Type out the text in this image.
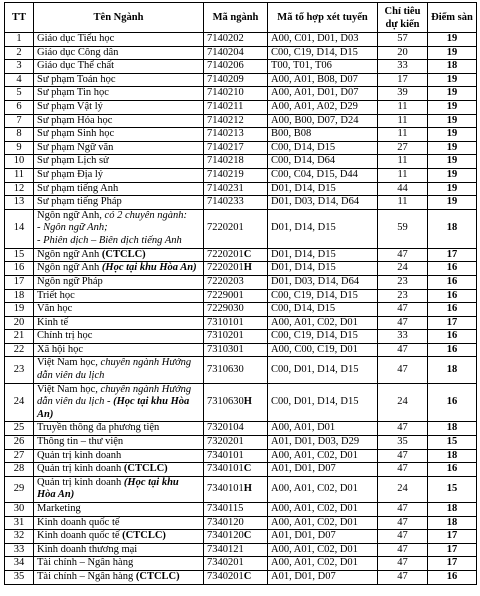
TT	Tên Ngành	Mã ngành	Mã tổ hợp xét tuyển	Chỉ tiêu dự kiến	Điểm sàn
1	Giáo dục Tiểu học	7140202	A00, C01, D01, D03	57	19
2	Giáo dục Công dân	7140204	C00, C19, D14, D15	20	19
3	Giáo dục Thể chất	7140206	T00, T01, T06	33	18
4	Sư phạm Toán học	7140209	A00, A01, B08, D07	17	19
5	Sư phạm Tin học	7140210	A00, A01, D01, D07	39	19
6	Sư phạm Vật lý	7140211	A00, A01, A02, D29	11	19
7	Sư phạm Hóa học	7140212	A00, B00, D07, D24	11	19
8	Sư phạm Sinh học	7140213	B00, B08	11	19
9	Sư phạm Ngữ văn	7140217	C00, D14, D15	27	19
10	Sư phạm Lịch sử	7140218	C00, D14, D64	11	19
11	Sư phạm Địa lý	7140219	C00, C04, D15, D44	11	19
12	Sư phạm tiếng Anh	7140231	D01, D14, D15	44	19
13	Sư phạm tiếng Pháp	7140233	D01, D03, D14, D64	11	19
14	Ngôn ngữ Anh, có 2 chuyên ngành:
- Ngôn ngữ Anh;
- Phiên dịch – Biên dịch tiếng Anh	7220201	D01, D14, D15	59	18
15	Ngôn ngữ Anh (CTCLC)	7220201C	D01, D14, D15	47	17
16	Ngôn ngữ Anh (Học tại khu Hòa An)	7220201H	D01, D14, D15	24	16
17	Ngôn ngữ Pháp	7220203	D01, D03, D14, D64	23	16
18	Triết học	7229001	C00, C19, D14, D15	23	16
19	Văn học	7229030	C00, D14, D15	47	16
20	Kinh tế	7310101	A00, A01, C02, D01	47	17
21	Chính trị học	7310201	C00, C19, D14, D15	33	16
22	Xã hội học	7310301	A00, C00, C19, D01	47	16
23	Việt Nam học, chuyên ngành Hướng dẫn viên du lịch	7310630	C00, D01, D14, D15	47	18
24	Việt Nam học, chuyên ngành Hướng dẫn viên du lịch - (Học tại khu Hòa An)	7310630H	C00, D01, D14, D15	24	16
25	Truyền thông đa phương tiện	7320104	A00, A01, D01	47	18
26	Thông tin – thư viện	7320201	A01, D01, D03, D29	35	15
27	Quản trị kinh doanh	7340101	A00, A01, C02, D01	47	18
28	Quản trị kinh doanh (CTCLC)	7340101C	A01, D01, D07	47	16
29	Quản trị kinh doanh (Học tại khu Hòa An)	7340101H	A00, A01, C02, D01	24	15
30	Marketing	7340115	A00, A01, C02, D01	47	18
31	Kinh doanh quốc tế	7340120	A00, A01, C02, D01	47	18
32	Kinh doanh quốc tế (CTCLC)	7340120C	A01, D01, D07	47	17
33	Kinh doanh thương mại	7340121	A00, A01, C02, D01	47	17
34	Tài chính – Ngân hàng	7340201	A00, A01, C02, D01	47	17
35	Tài chính – Ngân hàng (CTCLC)	7340201C	A01, D01, D07	47	16
